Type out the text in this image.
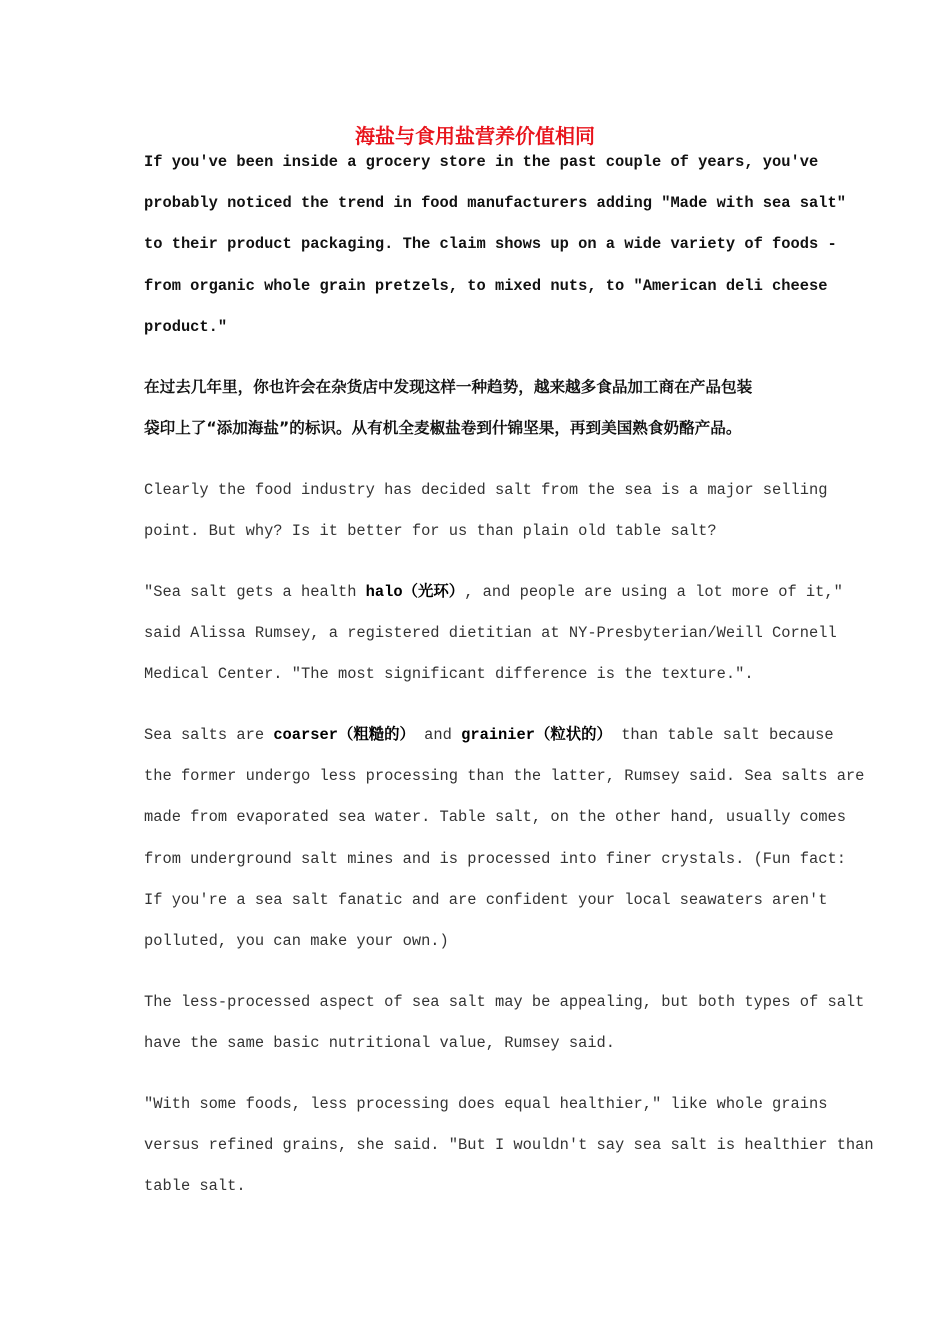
海盐与食用盐营养价值相同
If you've been inside a grocery store in the past couple of years, you've
probably noticed the trend in food manufacturers adding "Made with sea salt"
to their product packaging. The claim shows up on a wide variety of foods -
from organic whole grain pretzels, to mixed nuts, to "American deli cheese
product."
在过去几年里，你也许会在杂货店中发现这样一种趋势，越来越多食品加工商在产品包装
袋印上了“添加海盐”的标识。从有机全麦椒盐卷到什锦坚果，再到美国熟食奶酪产品。
Clearly the food industry has decided salt from the sea is a major selling
point. But why? Is it better for us than plain old table salt?
"Sea salt gets a health halo（光环）, and people are using a lot more of it,"
said Alissa Rumsey, a registered dietitian at NY-Presbyterian/Weill Cornell
Medical Center. "The most significant difference is the texture.".
Sea salts are coarser（粗糙的） and grainier（粒状的） than table salt because
the former undergo less processing than the latter, Rumsey said. Sea salts are
made from evaporated sea water. Table salt, on the other hand, usually comes
from underground salt mines and is processed into finer crystals. (Fun fact:
If you're a sea salt fanatic and are confident your local seawaters aren't
polluted, you can make your own.)
The less-processed aspect of sea salt may be appealing, but both types of salt
have the same basic nutritional value, Rumsey said.
"With some foods, less processing does equal healthier," like whole grains
versus refined grains, she said. "But I wouldn't say sea salt is healthier than
table salt.
